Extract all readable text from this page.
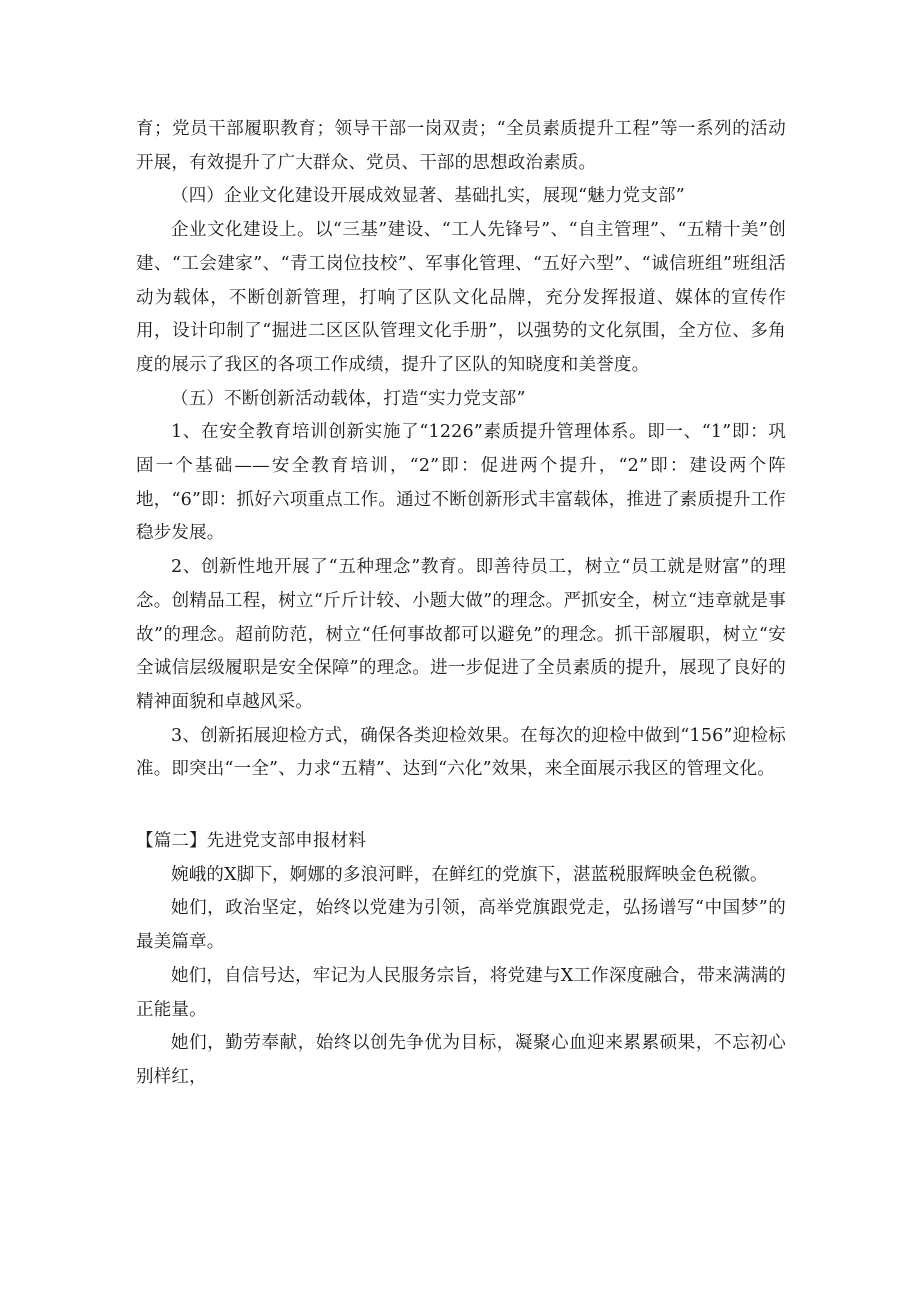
育；党员干部履职教育；领导干部一岗双责；“全员素质提升工程”等一系列的活动开展，有效提升了广大群众、党员、干部的思想政治素质。

（四）企业文化建设开展成效显著、基础扎实，展现“魅力党支部”

企业文化建设上。以“三基”建设、“工人先锋号”、“自主管理”、“五精十美”创建、“工会建家”、“青工岗位技校”、军事化管理、“五好六型”、“诚信班组”班组活动为载体，不断创新管理，打响了区队文化品牌，充分发挥报道、媒体的宣传作用，设计印制了“掘进二区区队管理文化手册”，以强势的文化氛围，全方位、多角度的展示了我区的各项工作成绩，提升了区队的知晓度和美誉度。

（五）不断创新活动载体，打造“实力党支部”

1、在安全教育培训创新实施了“1226”素质提升管理体系。即一、“1”即：巩固一个基础——安全教育培训，“2”即：促进两个提升，“2”即：建设两个阵地，“6”即：抓好六项重点工作。通过不断创新形式丰富载体，推进了素质提升工作稳步发展。

2、创新性地开展了“五种理念”教育。即善待员工，树立“员工就是财富”的理念。创精品工程，树立“斤斤计较、小题大做”的理念。严抓安全，树立“违章就是事故”的理念。超前防范，树立“任何事故都可以避免”的理念。抓干部履职，树立“安全诚信层级履职是安全保障”的理念。进一步促进了全员素质的提升，展现了良好的精神面貌和卓越风采。

3、创新拓展迎检方式，确保各类迎检效果。在每次的迎检中做到“156”迎检标准。即突出“一全”、力求“五精”、达到“六化”效果，来全面展示我区的管理文化。

【篇二】先进党支部申报材料

婉峨的X脚下，婀娜的多浪河畔，在鲜红的党旗下，湛蓝税服辉映金色税徽。

她们，政治坚定，始终以党建为引领，高举党旗跟党走，弘扬谱写“中国梦”的最美篇章。

她们，自信号达，牢记为人民服务宗旨，将党建与X工作深度融合，带来满满的正能量。

她们，勤劳奉献，始终以创先争优为目标，凝聚心血迎来累累硕果，不忘初心别样红，
